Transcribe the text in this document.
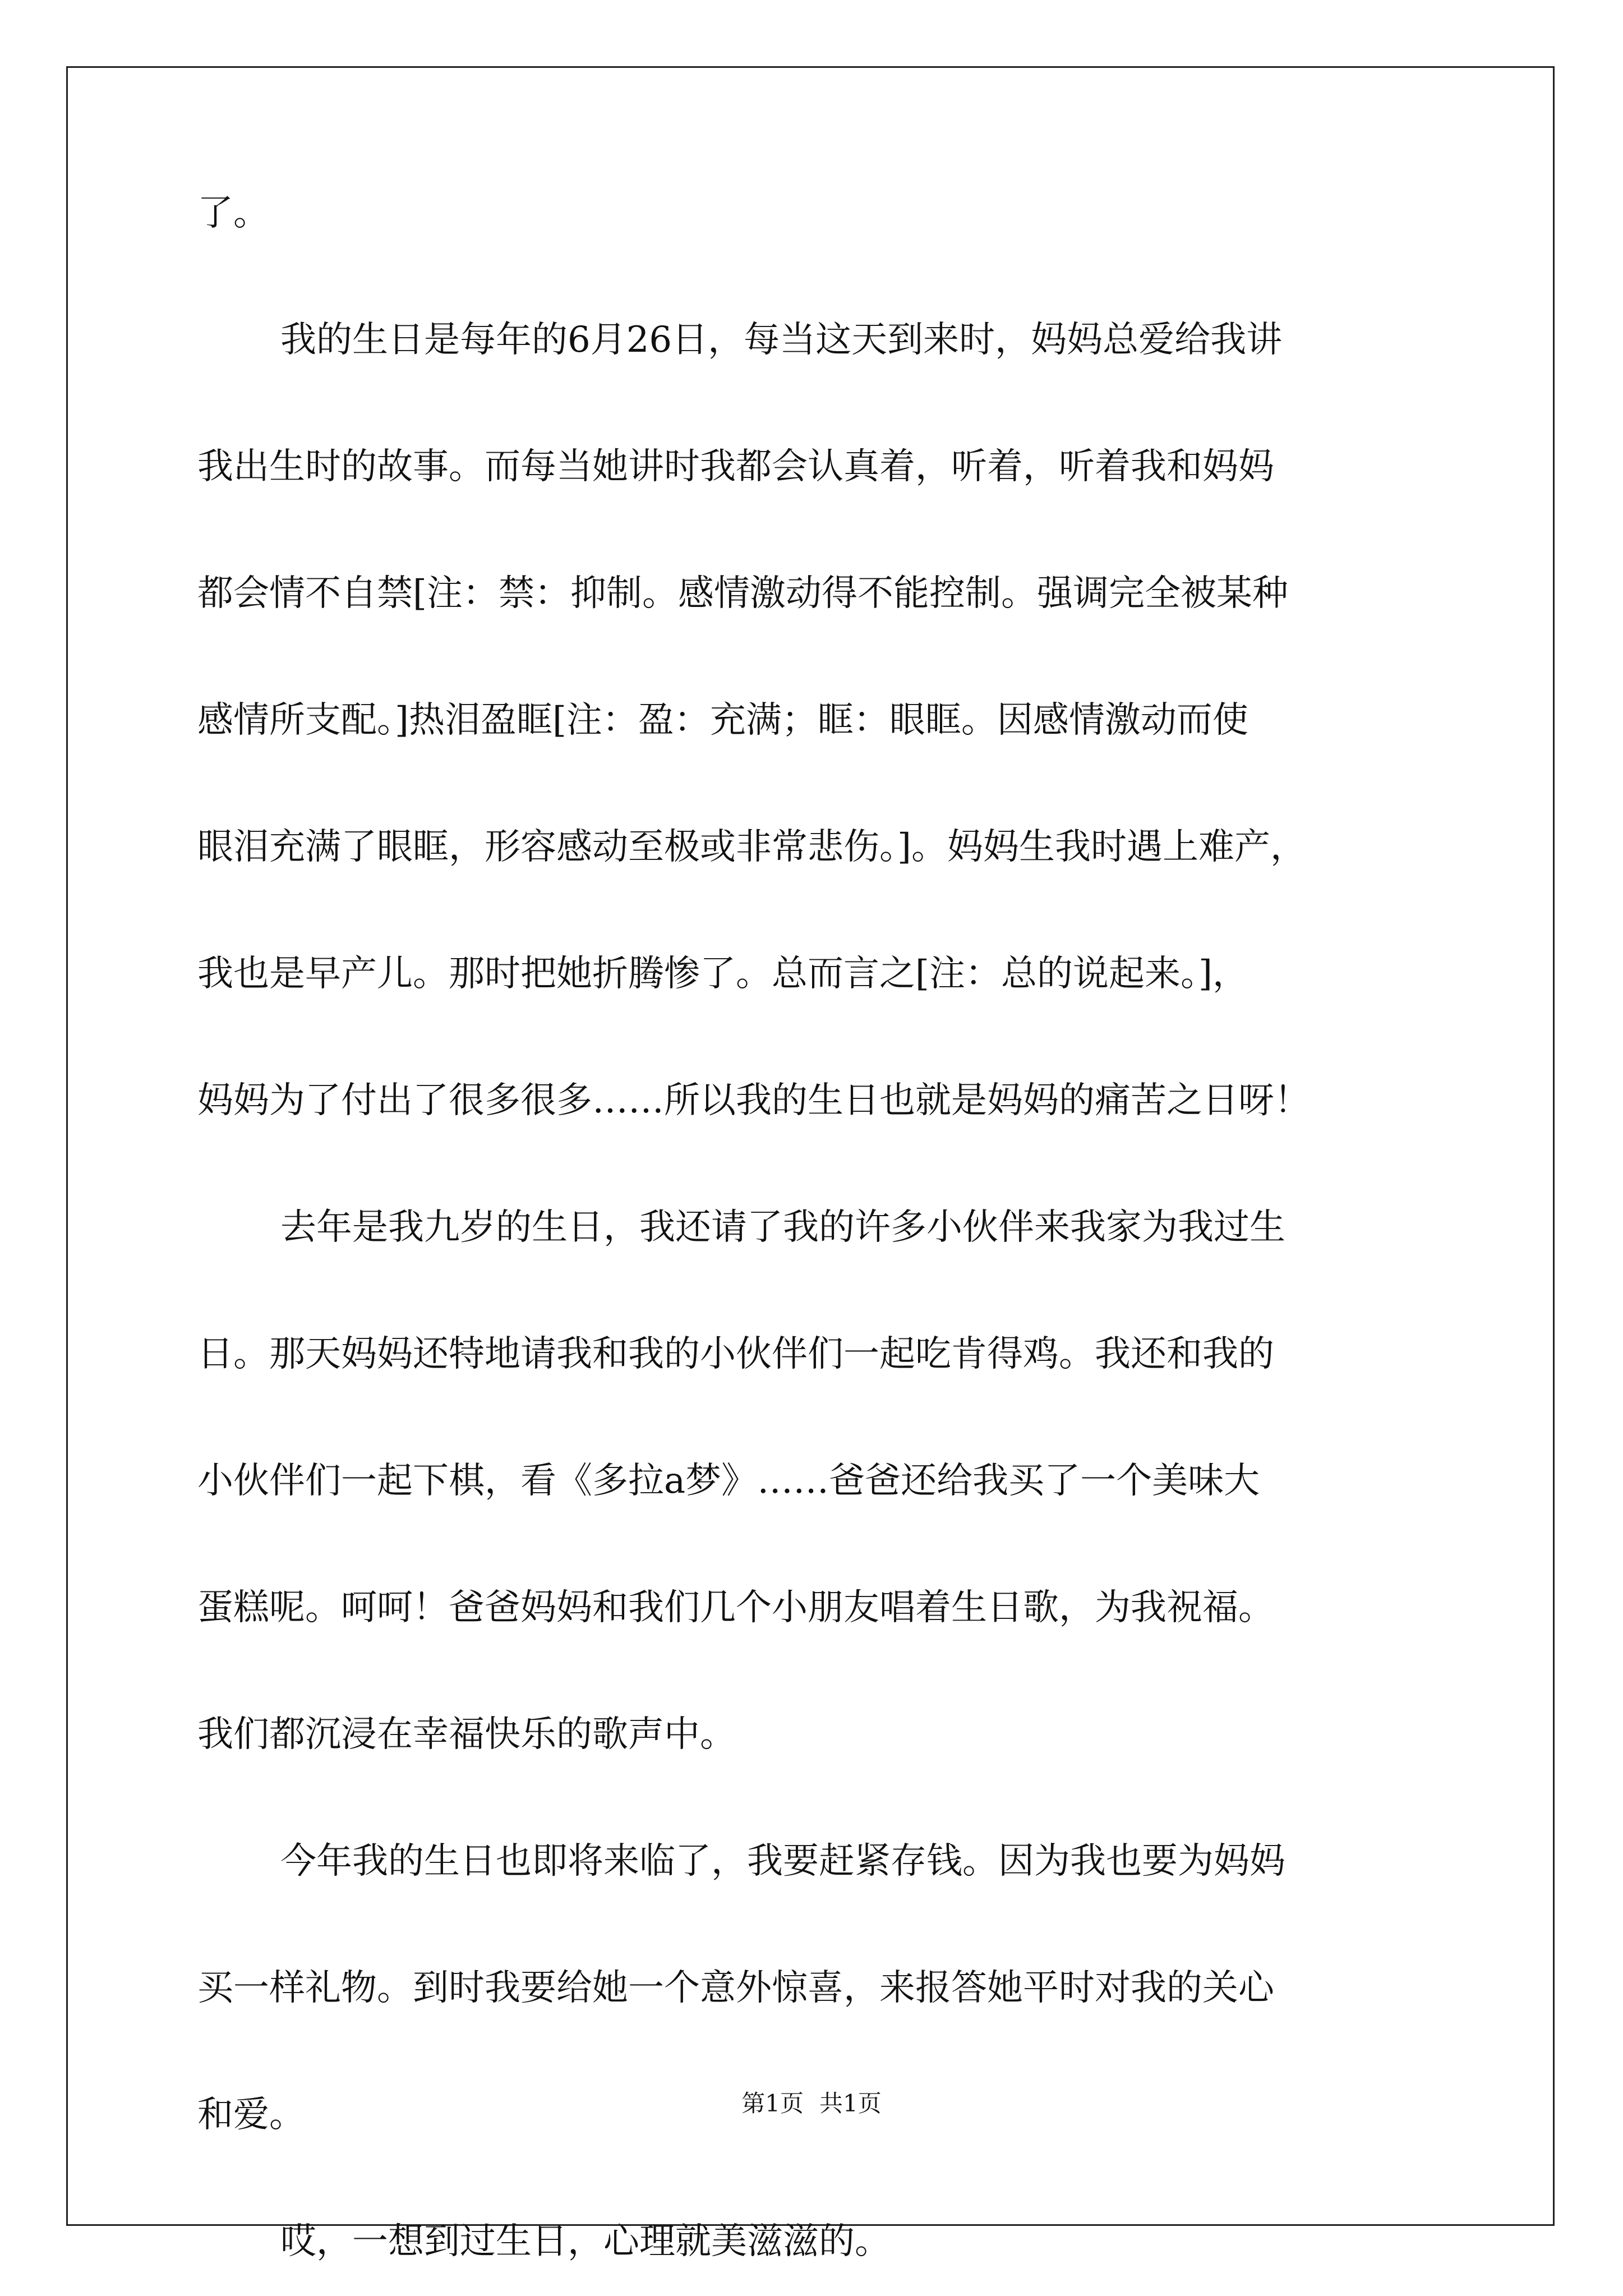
了。
我的生日是每年的6月26日，每当这天到来时，妈妈总爱给我讲
我出生时的故事。而每当她讲时我都会认真着，听着，听着我和妈妈
都会情不自禁[注：禁：抑制。感情激动得不能控制。强调完全被某种
感情所支配。]热泪盈眶[注：盈：充满；眶：眼眶。因感情激动而使
眼泪充满了眼眶，形容感动至极或非常悲伤。]。妈妈生我时遇上难产，
我也是早产儿。那时把她折腾惨了。总而言之[注：总的说起来。]，
妈妈为了付出了很多很多……所以我的生日也就是妈妈的痛苦之日呀！
去年是我九岁的生日，我还请了我的许多小伙伴来我家为我过生
日。那天妈妈还特地请我和我的小伙伴们一起吃肯得鸡。我还和我的
小伙伴们一起下棋，看《多拉a梦》……爸爸还给我买了一个美味大
蛋糕呢。呵呵！爸爸妈妈和我们几个小朋友唱着生日歌，为我祝福。
我们都沉浸在幸福快乐的歌声中。
今年我的生日也即将来临了，我要赶紧存钱。因为我也要为妈妈
买一样礼物。到时我要给她一个意外惊喜，来报答她平时对我的关心
和爱。
哎，一想到过生日，心理就美滋滋的。
第1页 共1页
